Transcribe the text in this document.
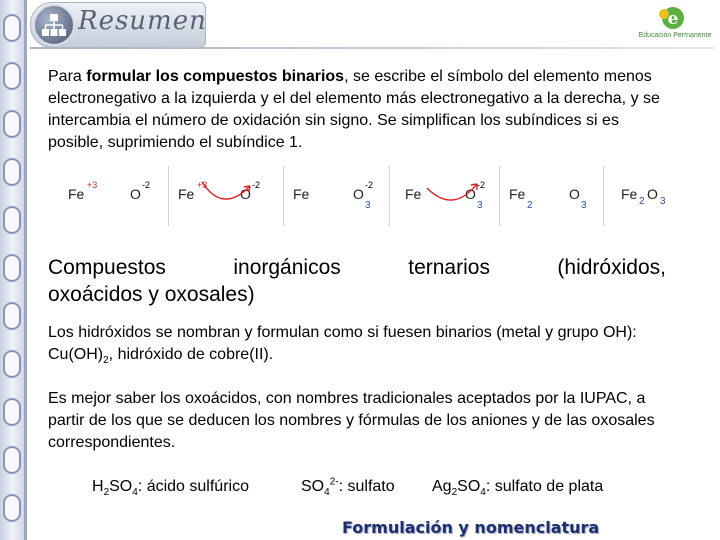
Resumen	e
Educación Permanente
Para formular los compuestos binarios, se escribe el símbolo del elemento menos electronegativo a la izquierda y el del elemento más electronegativo a la derecha, y se intercambia el número de oxidación sin signo. Se simplifican los subíndices si es posible, suprimiendo el subíndice 1.
Fe
+3
O
-2
Fe
+3
O
-2
Fe	O
-2
3
Fe	O
-2
3
Fe
2
O
3
Fe 2 O 3
Compuestos	inorgánicos	ternarios	(hidróxidos,
oxoácidos y oxosales)
Los hidróxidos se nombran y formulan como si fuesen binarios (metal y grupo OH): $Cu(OH)_2$, hidróxido de cobre(II).
Es mejor saber los oxoácidos, con nombres tradicionales aceptados por la IUPAC, a partir de los que se deducen los nombres y fórmulas de los aniones y de las oxosales correspondientes.
$H_2SO_4$: ácido sulfúrico	$SO_4^{2-}$: sulfato $Ag_2SO_4$: sulfato de plata
Formulación y nomenclatura
